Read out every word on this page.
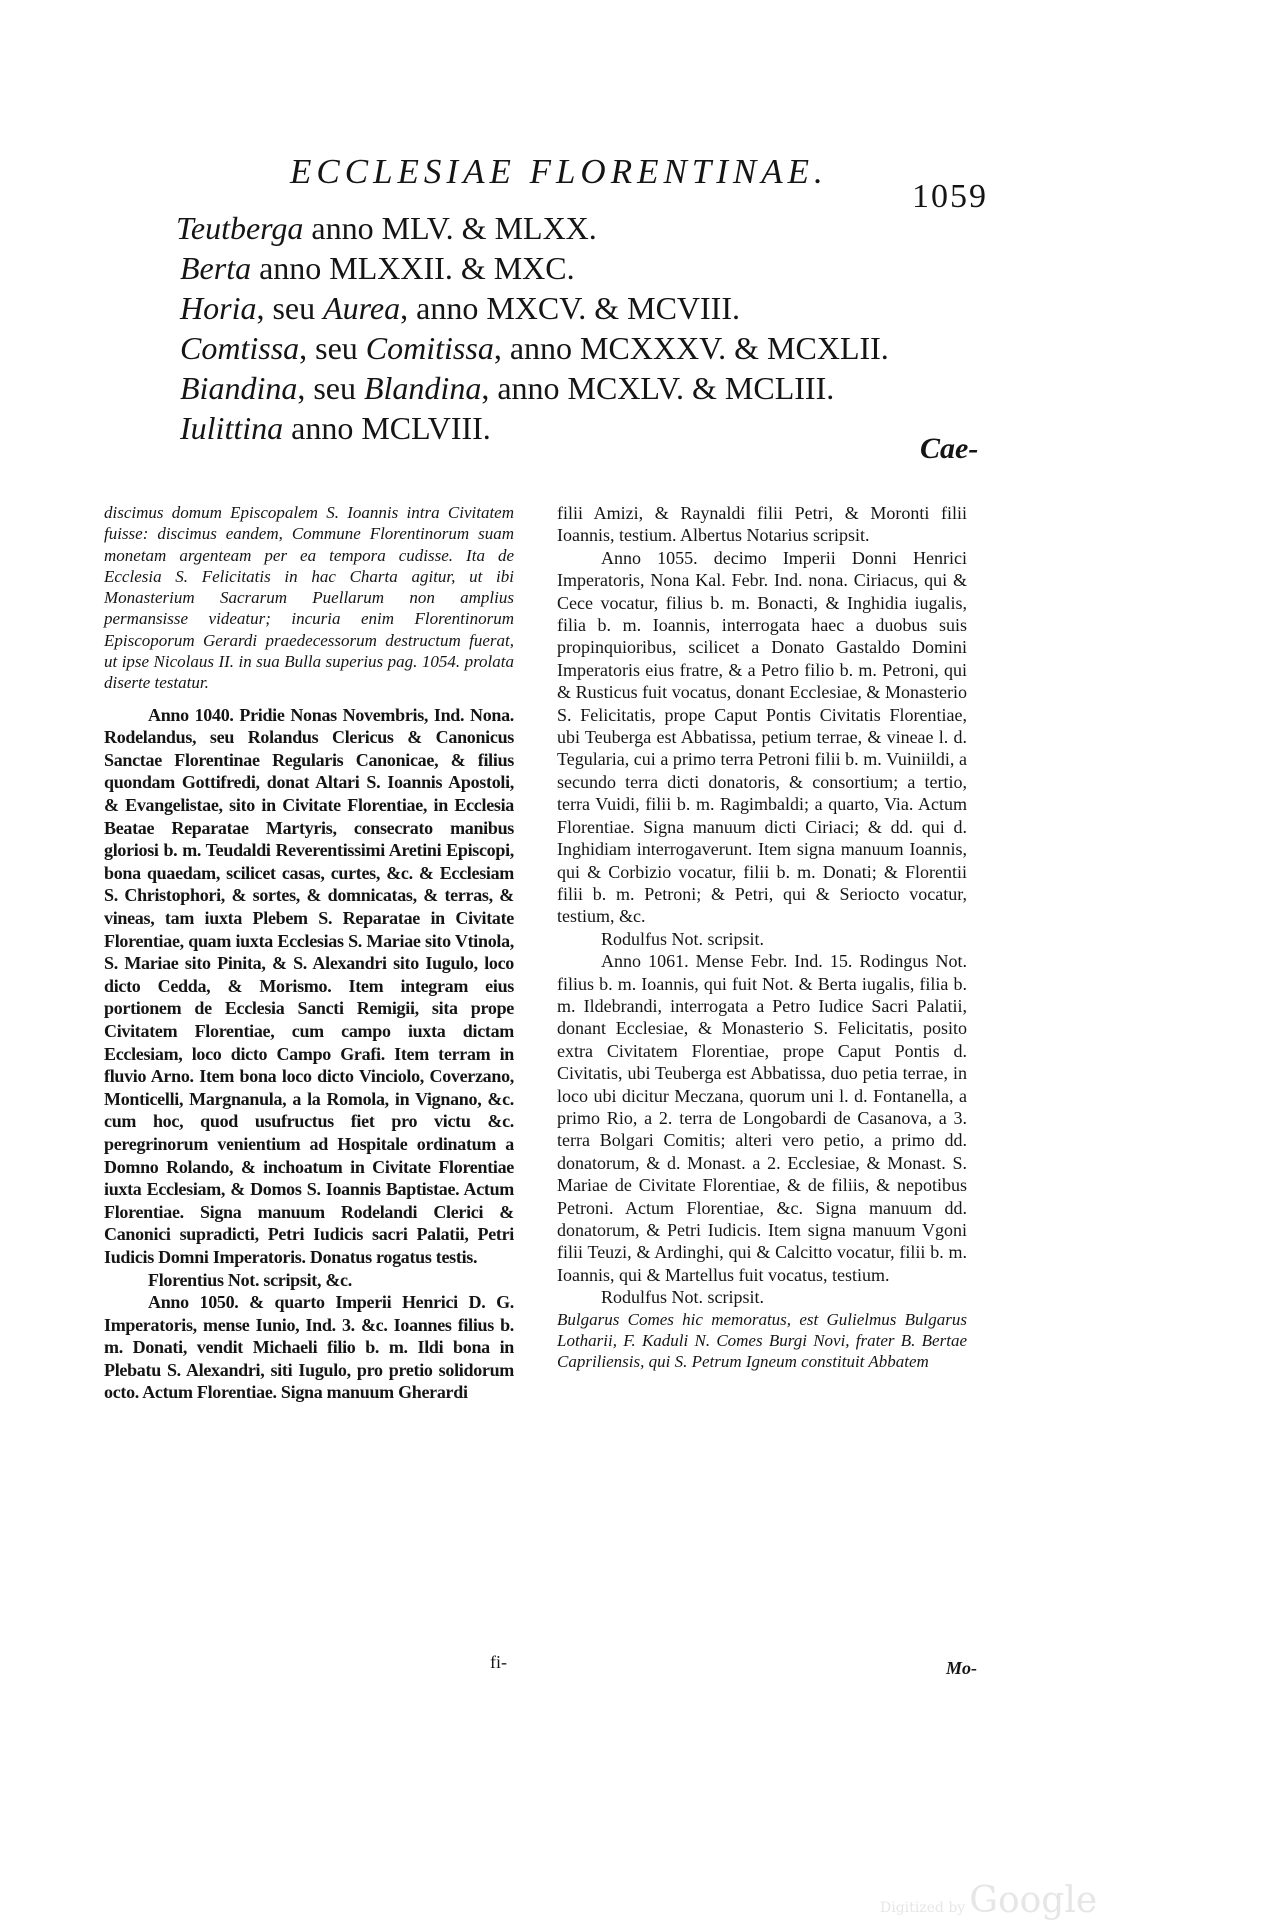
ECCLESIAE FLORENTINAE.
1059
Teutberga anno MLV. & MLXX.
Berta anno MLXXII. & MXC.
Horia, seu Aurea, anno MXCV. & MCVIII.
Comtissa, seu Comitissa, anno MCXXXV. & MCXLII.
Biandina, seu Blandina, anno MCXLV. & MCLIII.
Iulittina anno MCLVIII.
Cae-

discimus domum Episcopalem S. Ioannis intra Civitatem fuisse: discimus eandem, Commune Florentinorum suam monetam argenteam per ea tempora cudisse. Ita de Ecclesia S. Felicitatis in hac Charta agitur, ut ibi Monasterium Sacrarum Puellarum non amplius permansisse videatur; incuria enim Florentinorum Episcoporum Gerardi praedecessorum destructum fuerat, ut ipse Nicolaus II. in sua Bulla superius pag. 1054. prolata diserte testatur.

Anno 1040. Pridie Nonas Novembris, Ind. Nona. Rodelandus, seu Rolandus Clericus & Canonicus Sanctae Florentinae Regularis Canonicae, & filius quondam Gottifredi, donat Altari S. Ioannis Apostoli, & Evangelistae, sito in Civitate Florentiae, in Ecclesia Beatae Reparatae Martyris, consecrato manibus gloriosi b. m. Teudaldi Reverentissimi Aretini Episcopi, bona quaedam, scilicet casas, curtes, &c. & Ecclesiam S. Christophori, & sortes, & domnicatas, & terras, & vineas, tam iuxta Plebem S. Reparatae in Civitate Florentiae, quam iuxta Ecclesias S. Mariae sito Vtinola, S. Mariae sito Pinita, & S. Alexandri sito Iugulo, loco dicto Cedda, & Morismo. Item integram eius portionem de Ecclesia Sancti Remigii, sita prope Civitatem Florentiae, cum campo iuxta dictam Ecclesiam, loco dicto Campo Grafi. Item terram in fluvio Arno. Item bona loco dicto Vinciolo, Coverzano, Monticelli, Margnanula, a la Romola, in Vignano, &c. cum hoc, quod usufructus fiet pro victu &c. peregrinorum venientium ad Hospitale ordinatum a Domno Rolando, & inchoatum in Civitate Florentiae iuxta Ecclesiam, & Domos S. Ioannis Baptistae. Actum Florentiae. Signa manuum Rodelandi Clerici & Canonici supradicti, Petri Iudicis sacri Palatii, Petri Iudicis Domni Imperatoris. Donatus rogatus testis.

Florentius Not. scripsit, &c.

Anno 1050. & quarto Imperii Henrici D. G. Imperatoris, mense Iunio, Ind. 3. &c. Ioannes filius b. m. Donati, vendit Michaeli filio b. m. Ildi bona in Plebatu S. Alexandri, siti Iugulo, pro pretio solidorum octo. Actum Florentiae. Signa manuum Gherardi

filii Amizi, & Raynaldi filii Petri, & Moronti filii Ioannis, testium. Albertus Notarius scripsit.

Anno 1055. decimo Imperii Donni Henrici Imperatoris, Nona Kal. Febr. Ind. nona. Ciriacus, qui & Cece vocatur, filius b. m. Bonacti, & Inghidia iugalis, filia b. m. Ioannis, interrogata haec a duobus suis propinquioribus, scilicet a Donato Gastaldo Domini Imperatoris eius fratre, & a Petro filio b. m. Petroni, qui & Rusticus fuit vocatus, donant Ecclesiae, & Monasterio S. Felicitatis, prope Caput Pontis Civitatis Florentiae, ubi Teuberga est Abbatissa, petium terrae, & vineae l. d. Tegularia, cui a primo terra Petroni filii b. m. Vuiniildi, a secundo terra dicti donatoris, & consortium; a tertio, terra Vuidi, filii b. m. Ragimbaldi; a quarto, Via. Actum Florentiae. Signa manuum dicti Ciriaci; & dd. qui d. Inghidiam interrogaverunt. Item signa manuum Ioannis, qui & Corbizio vocatur, filii b. m. Donati; & Florentii filii b. m. Petroni; & Petri, qui & Seriocto vocatur, testium, &c.

Rodulfus Not. scripsit.

Anno 1061. Mense Febr. Ind. 15. Rodingus Not. filius b. m. Ioannis, qui fuit Not. & Berta iugalis, filia b. m. Ildebrandi, interrogata a Petro Iudice Sacri Palatii, donant Ecclesiae, & Monasterio S. Felicitatis, posito extra Civitatem Florentiae, prope Caput Pontis d. Civitatis, ubi Teuberga est Abbatissa, duo petia terrae, in loco ubi dicitur Meczana, quorum uni l. d. Fontanella, a primo Rio, a 2. terra de Longobardi de Casanova, a 3. terra Bolgari Comitis; alteri vero petio, a primo dd. donatorum, & d. Monast. a 2. Ecclesiae, & Monast. S. Mariae de Civitate Florentiae, & de filiis, & nepotibus Petroni. Actum Florentiae, &c. Signa manuum dd. donatorum, & Petri Iudicis. Item signa manuum Vgoni filii Teuzi, & Ardinghi, qui & Calcitto vocatur, filii b. m. Ioannis, qui & Martellus fuit vocatus, testium.

Rodulfus Not. scripsit.

Bulgarus Comes hic memoratus, est Gulielmus Bulgarus Lotharii, F. Kaduli N. Comes Burgi Novi, frater B. Bertae Capriliensis, qui S. Petrum Igneum constituit Abbatem

fi-	Mo-
Digitized by Google
